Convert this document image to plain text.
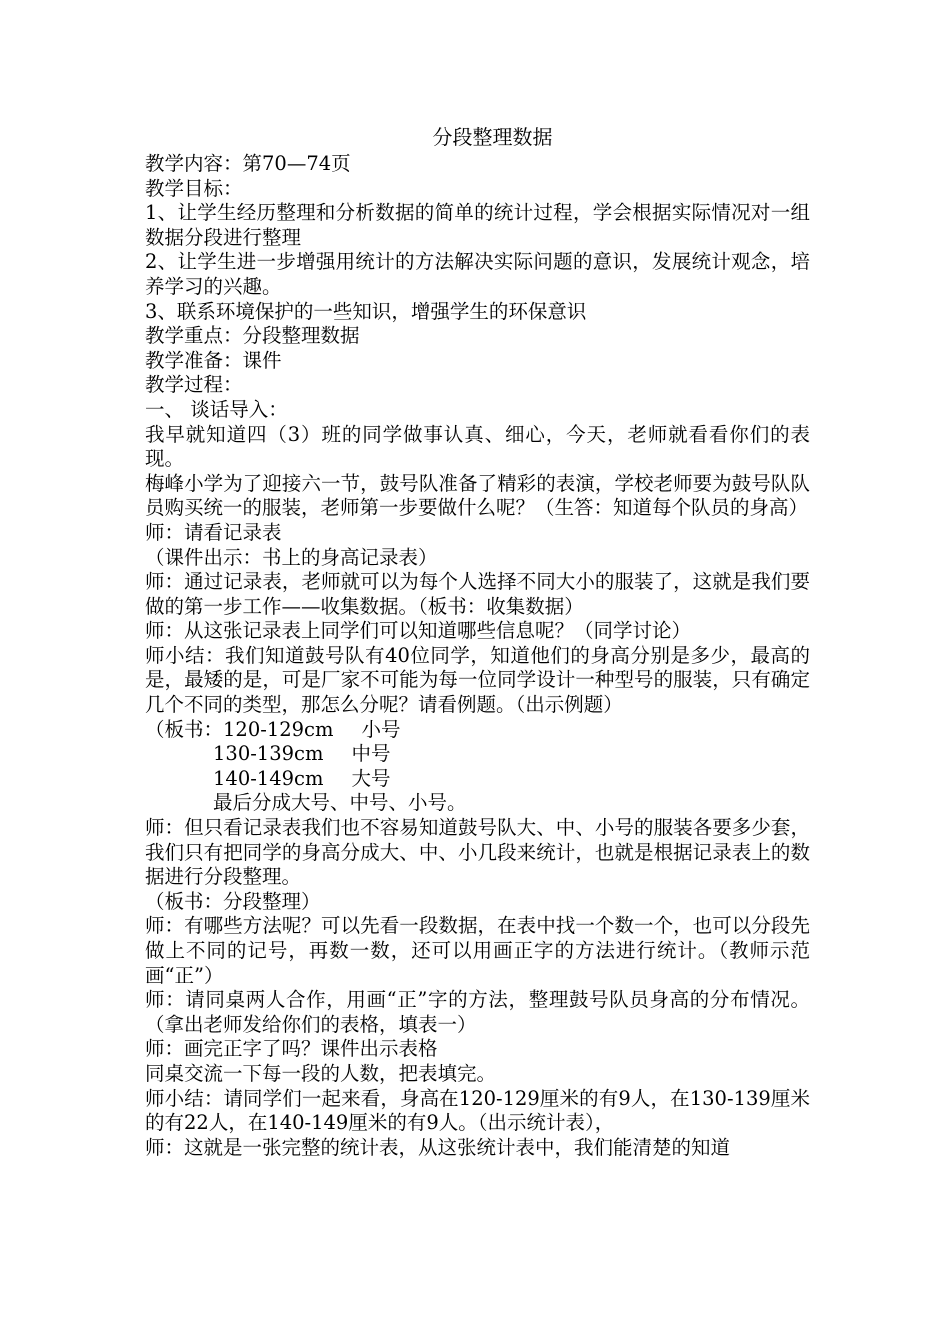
分段整理数据

教学内容：第70—74页

教学目标：

1、让学生经历整理和分析数据的简单的统计过程，学会根据实际情况对一组数据分段进行整理

2、让学生进一步增强用统计的方法解决实际问题的意识，发展统计观念，培养学习的兴趣。

3、联系环境保护的一些知识，增强学生的环保意识

教学重点：分段整理数据

教学准备：课件

教学过程：

一、 谈话导入：

我早就知道四（3）班的同学做事认真、细心，今天，老师就看看你们的表现。

梅峰小学为了迎接六一节，鼓号队准备了精彩的表演，学校老师要为鼓号队队员购买统一的服装，老师第一步要做什么呢？（生答：知道每个队员的身高）

师：请看记录表

（课件出示：书上的身高记录表）

师：通过记录表，老师就可以为每个人选择不同大小的服装了，这就是我们要做的第一步工作——收集数据。（板书：收集数据）

师：从这张记录表上同学们可以知道哪些信息呢？（同学讨论）

师小结：我们知道鼓号队有40位同学，知道他们的身高分别是多少，最高的是，最矮的是，可是厂家不可能为每一位同学设计一种型号的服装，只有确定几个不同的类型，那怎么分呢？请看例题。（出示例题）

（板书：120-129cm 小号

130-139cm 中号

140-149cm 大号

最后分成大号、中号、小号。

师：但只看记录表我们也不容易知道鼓号队大、中、小号的服装各要多少套，我们只有把同学的身高分成大、中、小几段来统计，也就是根据记录表上的数据进行分段整理。

（板书：分段整理）

师：有哪些方法呢？可以先看一段数据，在表中找一个数一个，也可以分段先做上不同的记号，再数一数，还可以用画正字的方法进行统计。（教师示范画“正”）

师：请同桌两人合作，用画“正”字的方法，整理鼓号队员身高的分布情况。（拿出老师发给你们的表格，填表一）

师：画完正字了吗？课件出示表格

同桌交流一下每一段的人数，把表填完。

师小结：请同学们一起来看，身高在120-129厘米的有9人，在130-139厘米的有22人，在140-149厘米的有9人。（出示统计表），

师：这就是一张完整的统计表，从这张统计表中，我们能清楚的知道
